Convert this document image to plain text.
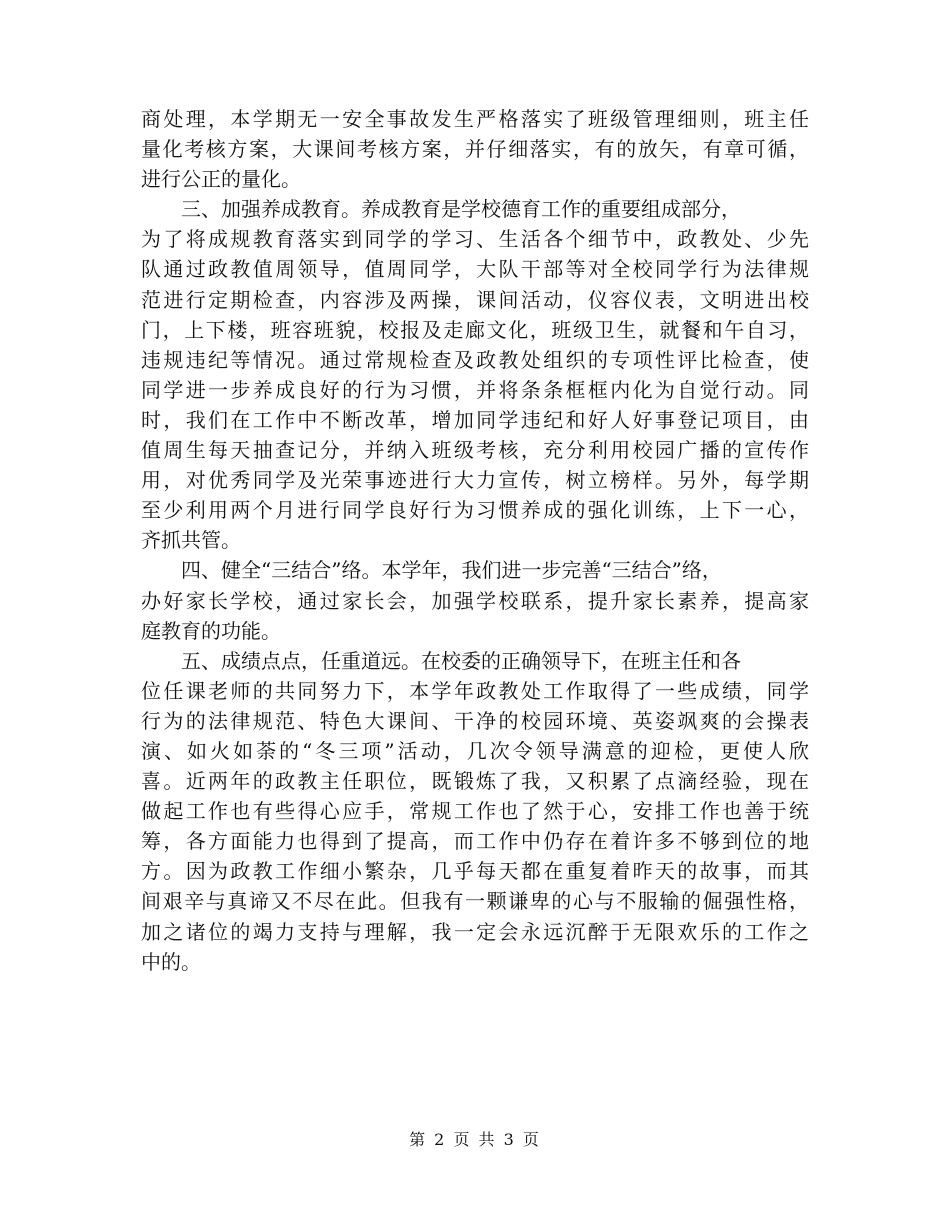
商处理，本学期无一安全事故发生严格落实了班级管理细则，班主任
量化考核方案，大课间考核方案，并仔细落实，有的放矢，有章可循，
进行公正的量化。
三、加强养成教育。养成教育是学校德育工作的重要组成部分，
为了将成规教育落实到同学的学习、生活各个细节中，政教处、少先
队通过政教值周领导，值周同学，大队干部等对全校同学行为法律规
范进行定期检查，内容涉及两操，课间活动，仪容仪表，文明进出校
门，上下楼，班容班貌，校报及走廊文化，班级卫生，就餐和午自习，
违规违纪等情况。通过常规检查及政教处组织的专项性评比检查，使
同学进一步养成良好的行为习惯，并将条条框框内化为自觉行动。同
时，我们在工作中不断改革，增加同学违纪和好人好事登记项目，由
值周生每天抽查记分，并纳入班级考核，充分利用校园广播的宣传作
用，对优秀同学及光荣事迹进行大力宣传，树立榜样。另外，每学期
至少利用两个月进行同学良好行为习惯养成的强化训练，上下一心，
齐抓共管。
四、健全“三结合”络。本学年，我们进一步完善“三结合”络，
办好家长学校，通过家长会，加强学校联系，提升家长素养，提高家
庭教育的功能。
五、成绩点点，任重道远。在校委的正确领导下，在班主任和各
位任课老师的共同努力下，本学年政教处工作取得了一些成绩，同学
行为的法律规范、特色大课间、干净的校园环境、英姿飒爽的会操表
演、如火如荼的“冬三项”活动，几次令领导满意的迎检，更使人欣
喜。近两年的政教主任职位，既锻炼了我，又积累了点滴经验，现在
做起工作也有些得心应手，常规工作也了然于心，安排工作也善于统
筹，各方面能力也得到了提高，而工作中仍存在着许多不够到位的地
方。因为政教工作细小繁杂，几乎每天都在重复着昨天的故事，而其
间艰辛与真谛又不尽在此。但我有一颗谦卑的心与不服输的倔强性格，
加之诸位的竭力支持与理解，我一定会永远沉醉于无限欢乐的工作之
中的。
第 2 页 共 3 页
